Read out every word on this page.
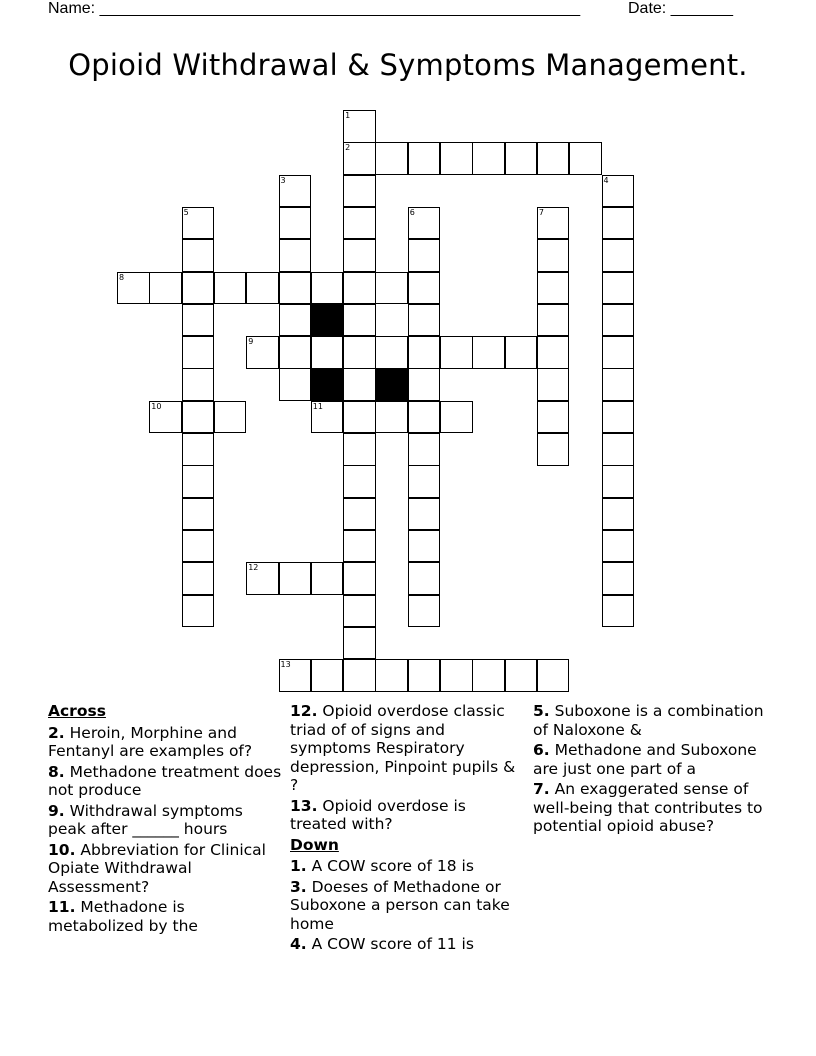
Name: ______________________________________________________	Date: _______
Opioid Withdrawal & Symptoms Management.
2
8
9
10	11
12
13
1
3	4
5	6	7
Across
2. Heroin, Morphine and Fentanyl are examples of?
8. Methadone treatment does not produce
9. Withdrawal symptoms peak after ______ hours
10. Abbreviation for Clinical Opiate Withdrawal Assessment?
11. Methadone is metabolized by the
12. Opioid overdose classic triad of of signs and symptoms Respiratory depression, Pinpoint pupils & ?
13. Opioid overdose is treated with?
Down
1. A COW score of 18 is
3. Doeses of Methadone or Suboxone a person can take home
4. A COW score of 11 is
5. Suboxone is a combination of Naloxone &
6. Methadone and Suboxone are just one part of a
7. An exaggerated sense of well-being that contributes to potential opioid abuse?
